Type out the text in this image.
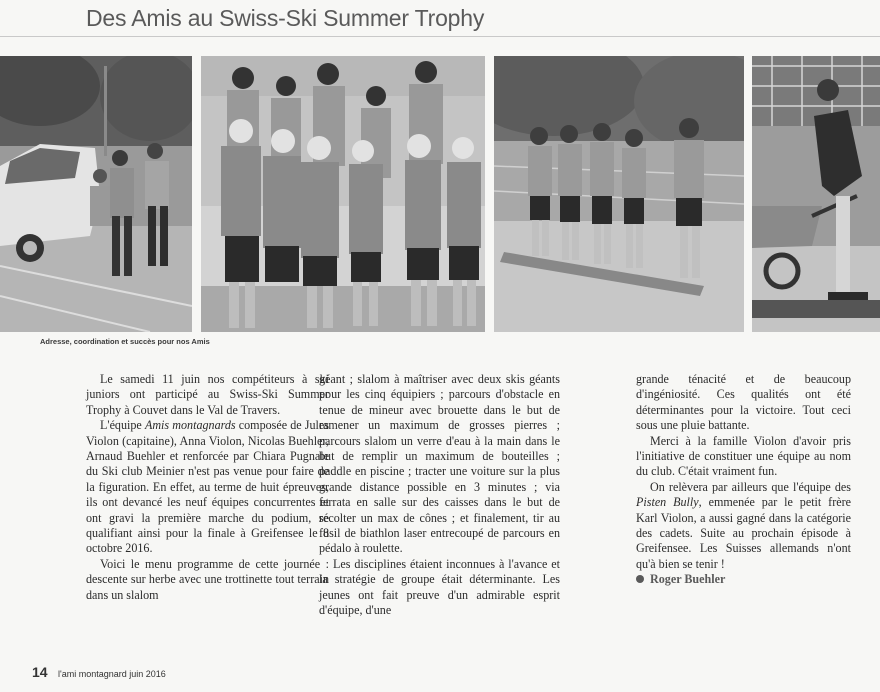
Des Amis au Swiss-Ski Summer Trophy
Adresse, coordination et succès pour nos Amis

Le samedi 11 juin nos compétiteurs à ski juniors ont participé au Swiss-Ski Summer Trophy à Couvet dans le Val de Travers.

L'équipe Amis montagnards composée de Jules Violon (capitaine), Anna Violon, Nicolas Buehler, Arnaud Buehler et renforcée par Chiara Pugnale du Ski club Meinier n'est pas venue pour faire de la figuration. En effet, au terme de huit épreuves, ils ont devancé les neuf équipes concurrentes et ont gravi la première marche du podium, se qualifiant ainsi pour la finale à Greifensee le 8 octobre 2016.

Voici le menu programme de cette journée : descente sur herbe avec une trottinette tout terrain dans un slalom

géant ; slalom à maîtriser avec deux skis géants pour les cinq équipiers ; parcours d'obstacle en tenue de mineur avec brouette dans le but de ramener un maximum de grosses pierres ; parcours slalom un verre d'eau à la main dans le but de remplir un maximum de bouteilles ; paddle en piscine ; tracter une voiture sur la plus grande distance possible en 3 minutes ; via ferrata en salle sur des caisses dans le but de récolter un max de cônes ; et finalement, tir au fusil de biathlon laser entrecoupé de parcours en pédalo à roulette.

Les disciplines étaient inconnues à l'avance et la stratégie de groupe était déterminante. Les jeunes ont fait preuve d'un admirable esprit d'équipe, d'une

grande ténacité et de beaucoup d'ingéniosité. Ces qualités ont été déterminantes pour la victoire. Tout ceci sous une pluie battante.

Merci à la famille Violon d'avoir pris l'initiative de constituer une équipe au nom du club. C'était vraiment fun.

On relèvera par ailleurs que l'équipe des Pisten Bully, emmenée par le petit frère Karl Violon, a aussi gagné dans la catégorie des cadets. Suite au prochain épisode à Greifensee. Les Suisses allemands n'ont qu'à bien se tenir !

Roger Buehler

14 l'ami montagnard juin 2016
